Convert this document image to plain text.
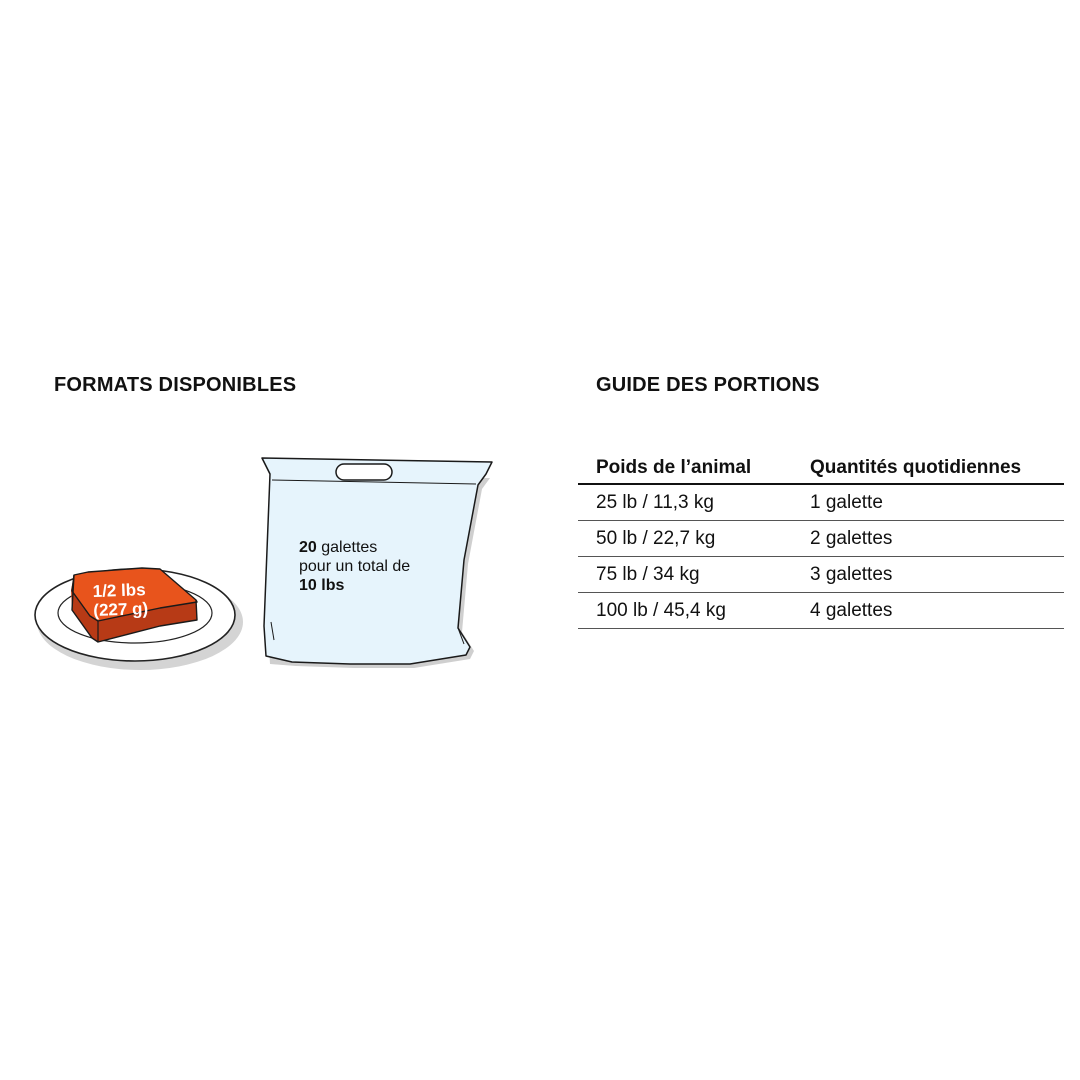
FORMATS DISPONIBLES	GUIDE DES PORTIONS
1/2 lbs
(227 g)
20 galettes
pour un total de
10 lbs
Poids de l’animal	Quantités quotidiennes
25 lb / 11,3 kg	1 galette
50 lb / 22,7 kg	2 galettes
75 lb / 34 kg	3 galettes
100 lb / 45,4 kg	4 galettes
